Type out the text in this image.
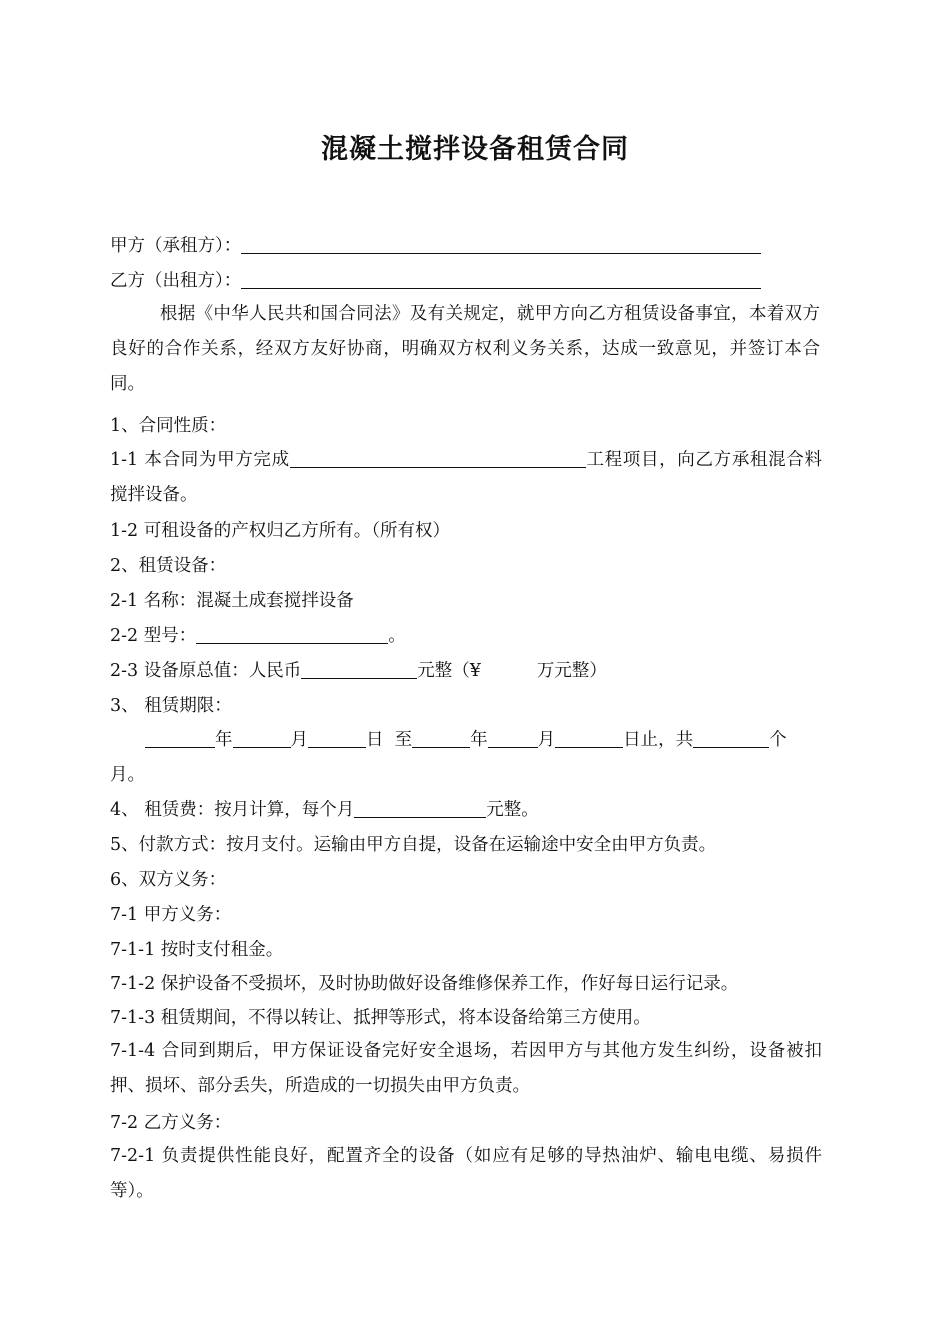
混凝土搅拌设备租赁合同
甲方（承租方）：
乙方（出租方）：
根据《中华人民共和国合同法》及有关规定，就甲方向乙方租赁设备事宜，本着双方良好的合作关系，经双方友好协商，明确双方权利义务关系，达成一致意见，并签订本合同。
1、合同性质：
1-1 本合同为甲方完成	工程项目，向乙方承租混合料搅拌设备。
1-2 可租设备的产权归乙方所有。（所有权）
2、租赁设备：
2-1 名称：混凝土成套搅拌设备
2-2 型号：	。
2-3 设备原总值：人民币	元整（¥	万元整）
3、 租赁期限：
年	月	日 至	年	月	日止，共	个
月。
4、 租赁费：按月计算，每个月	元整。
5、付款方式：按月支付。运输由甲方自提，设备在运输途中安全由甲方负责。
6、双方义务：
7-1 甲方义务：
7-1-1 按时支付租金。
7-1-2 保护设备不受损坏，及时协助做好设备维修保养工作，作好每日运行记录。
7-1-3 租赁期间，不得以转让、抵押等形式，将本设备给第三方使用。
7-1-4 合同到期后，甲方保证设备完好安全退场，若因甲方与其他方发生纠纷，设备被扣押、损坏、部分丢失，所造成的一切损失由甲方负责。
7-2 乙方义务：
7-2-1 负责提供性能良好，配置齐全的设备（如应有足够的导热油炉、输电电缆、易损件等）。
